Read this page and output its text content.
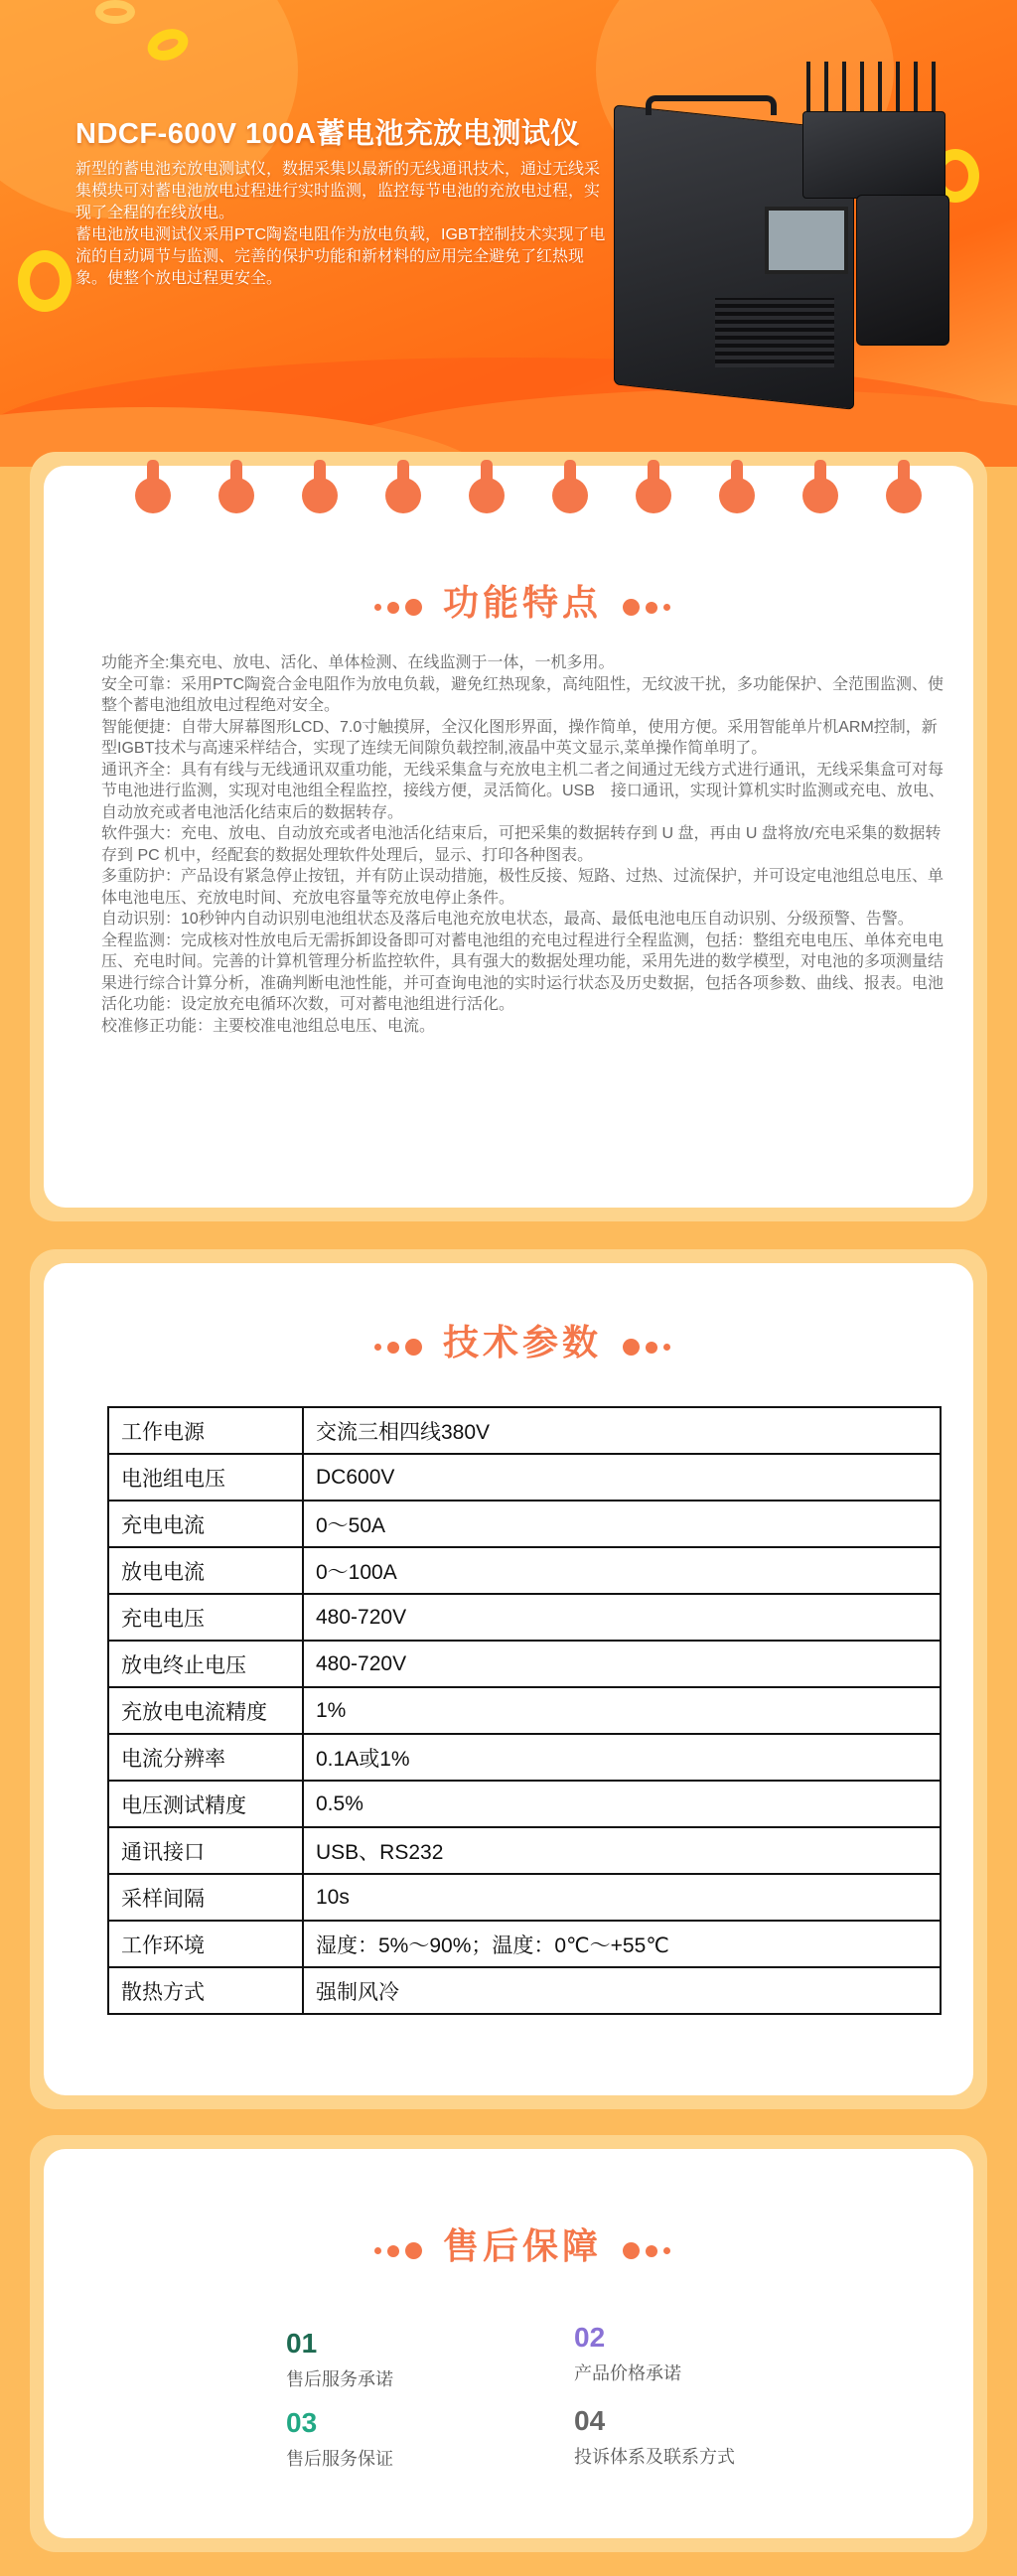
NDCF-600V 100A蓄电池充放电测试仪

新型的蓄电池充放电测试仪，数据采集以最新的无线通讯技术，通过无线采集模块可对蓄电池放电过程进行实时监测，监控每节电池的充放电过程，实现了全程的在线放电。

蓄电池放电测试仪采用PTC陶瓷电阻作为放电负载，IGBT控制技术实现了电流的自动调节与监测、完善的保护功能和新材料的应用完全避免了红热现象。使整个放电过程更安全。

功能特点

功能齐全:集充电、放电、活化、单体检测、在线监测于一体，一机多用。

安全可靠：采用PTC陶瓷合金电阻作为放电负载，避免红热现象，高纯阻性，无纹波干扰，多功能保护、全范围监测、使整个蓄电池组放电过程绝对安全。

智能便捷：自带大屏幕图形LCD、7.0寸触摸屏，全汉化图形界面，操作简单，使用方便。采用智能单片机ARM控制，新型IGBT技术与高速采样结合，实现了连续无间隙负载控制,液晶中英文显示,菜单操作简单明了。

通讯齐全：具有有线与无线通讯双重功能，无线采集盒与充放电主机二者之间通过无线方式进行通讯，无线采集盒可对每节电池进行监测，实现对电池组全程监控，接线方便，灵活简化。USB　接口通讯，实现计算机实时监测或充电、放电、自动放充或者电池活化结束后的数据转存。

软件强大：充电、放电、自动放充或者电池活化结束后，可把采集的数据转存到 U 盘，再由 U 盘将放/充电采集的数据转存到 PC 机中，经配套的数据处理软件处理后，显示、打印各种图表。

多重防护：产品设有紧急停止按钮，并有防止误动措施，极性反接、短路、过热、过流保护，并可设定电池组总电压、单体电池电压、充放电时间、充放电容量等充放电停止条件。

自动识别：10秒钟内自动识别电池组状态及落后电池充放电状态，最高、最低电池电压自动识别、分级预警、告警。

全程监测：完成核对性放电后无需拆卸设备即可对蓄电池组的充电过程进行全程监测，包括：整组充电电压、单体充电电压、充电时间。完善的计算机管理分析监控软件，具有强大的数据处理功能，采用先进的数学模型，对电池的多项测量结果进行综合计算分析，准确判断电池性能，并可查询电池的实时运行状态及历史数据，包括各项参数、曲线、报表。电池活化功能：设定放充电循环次数，可对蓄电池组进行活化。

校准修正功能：主要校准电池组总电压、电流。

技术参数
工作电源	交流三相四线380V
电池组电压	DC600V
充电电流	0～50A
放电电流	0～100A
充电电压	480-720V
放电终止电压	480-720V
充放电电流精度	1%
电流分辨率	0.1A或1%
电压测试精度	0.5%
通讯接口	USB、RS232
采样间隔	10s
工作环境	湿度：5%～90%；温度：0℃～+55℃
散热方式	强制风冷
售后保障
01
售后服务承诺
02
产品价格承诺
03
售后服务保证
04
投诉体系及联系方式
